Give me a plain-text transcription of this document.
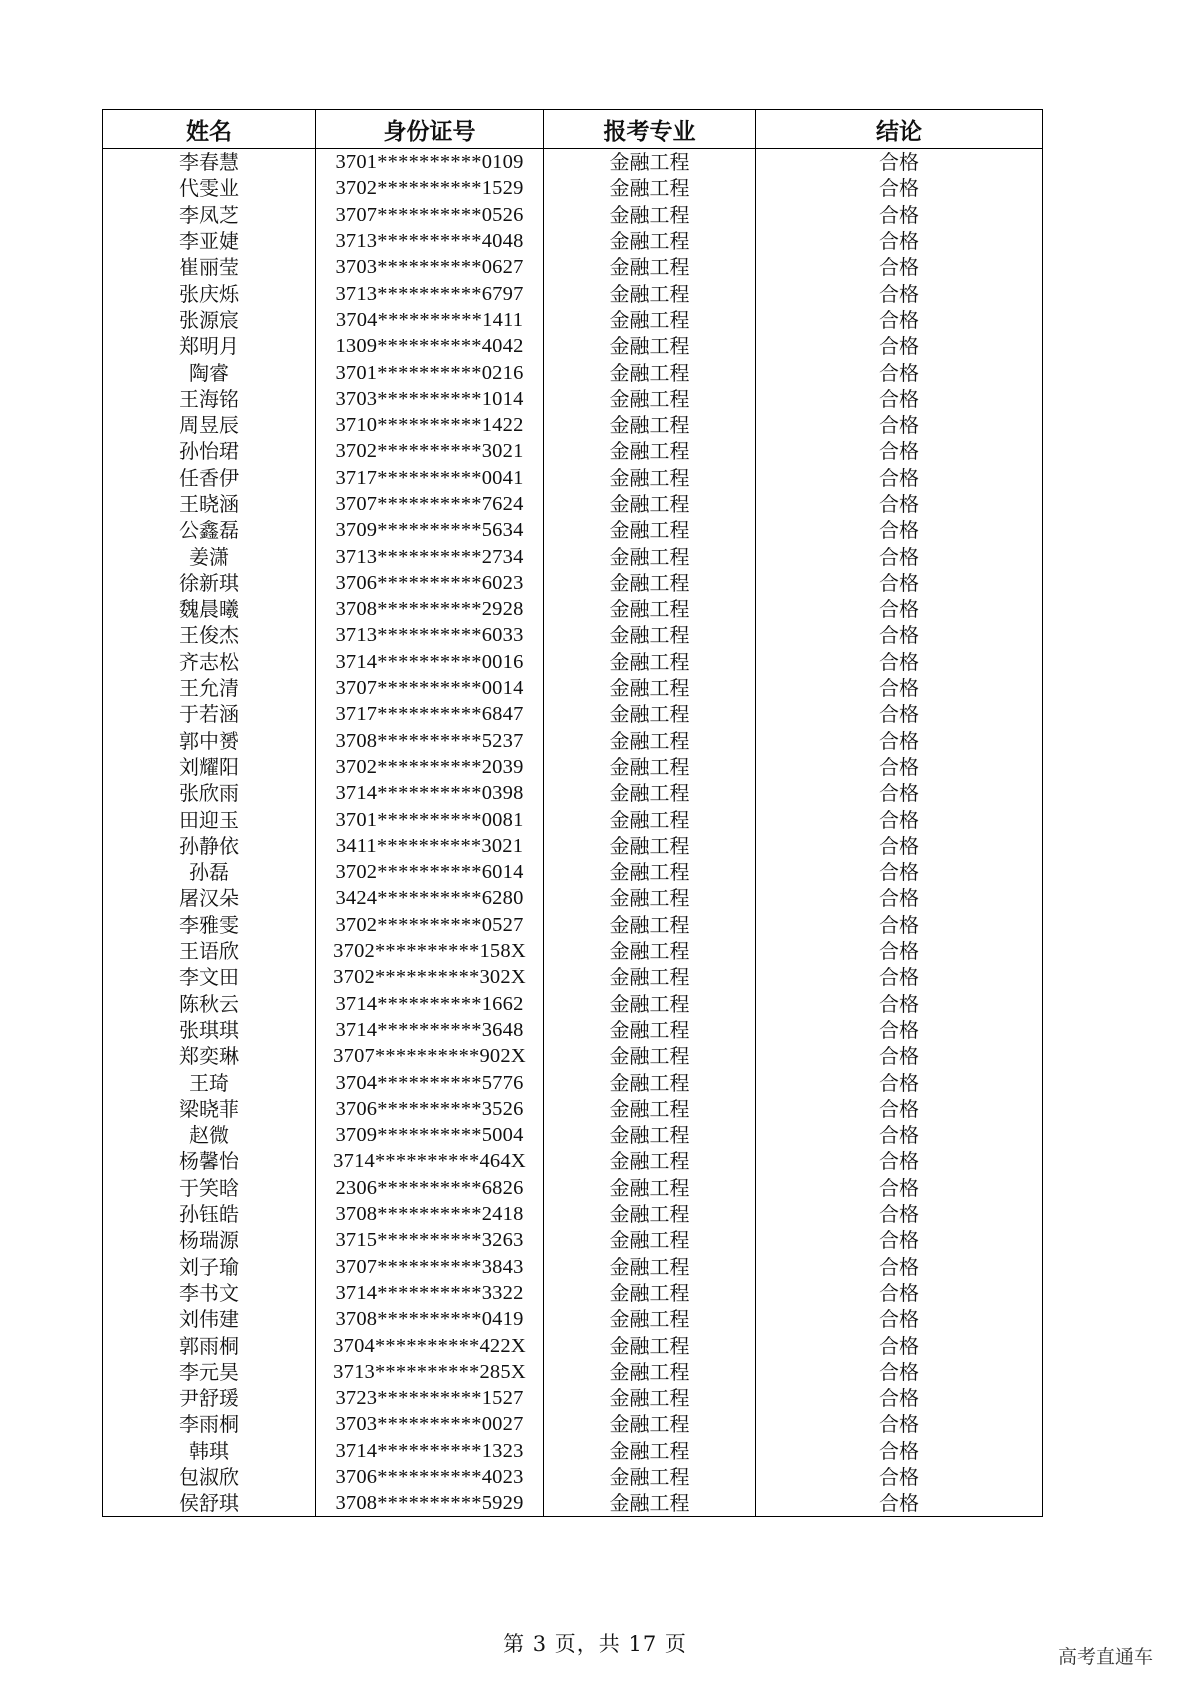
姓名	身份证号	报考专业	结论
李春慧	3701**********0109	金融工程	合格
代雯业	3702**********1529	金融工程	合格
李凤芝	3707**********0526	金融工程	合格
李亚婕	3713**********4048	金融工程	合格
崔丽莹	3703**********0627	金融工程	合格
张庆烁	3713**********6797	金融工程	合格
张源宸	3704**********1411	金融工程	合格
郑明月	1309**********4042	金融工程	合格
陶睿	3701**********0216	金融工程	合格
王海铭	3703**********1014	金融工程	合格
周昱辰	3710**********1422	金融工程	合格
孙怡珺	3702**********3021	金融工程	合格
任香伊	3717**********0041	金融工程	合格
王晓涵	3707**********7624	金融工程	合格
公鑫磊	3709**********5634	金融工程	合格
姜潇	3713**********2734	金融工程	合格
徐新琪	3706**********6023	金融工程	合格
魏晨曦	3708**********2928	金融工程	合格
王俊杰	3713**********6033	金融工程	合格
齐志松	3714**********0016	金融工程	合格
王允清	3707**********0014	金融工程	合格
于若涵	3717**********6847	金融工程	合格
郭中赟	3708**********5237	金融工程	合格
刘耀阳	3702**********2039	金融工程	合格
张欣雨	3714**********0398	金融工程	合格
田迎玉	3701**********0081	金融工程	合格
孙静依	3411**********3021	金融工程	合格
孙磊	3702**********6014	金融工程	合格
屠汉朵	3424**********6280	金融工程	合格
李雅雯	3702**********0527	金融工程	合格
王语欣	3702**********158X	金融工程	合格
李文田	3702**********302X	金融工程	合格
陈秋云	3714**********1662	金融工程	合格
张琪琪	3714**********3648	金融工程	合格
郑奕琳	3707**********902X	金融工程	合格
王琦	3704**********5776	金融工程	合格
梁晓菲	3706**********3526	金融工程	合格
赵微	3709**********5004	金融工程	合格
杨馨怡	3714**********464X	金融工程	合格
于笑晗	2306**********6826	金融工程	合格
孙钰皓	3708**********2418	金融工程	合格
杨瑞源	3715**********3263	金融工程	合格
刘子瑜	3707**********3843	金融工程	合格
李书文	3714**********3322	金融工程	合格
刘伟建	3708**********0419	金融工程	合格
郭雨桐	3704**********422X	金融工程	合格
李元昊	3713**********285X	金融工程	合格
尹舒瑗	3723**********1527	金融工程	合格
李雨桐	3703**********0027	金融工程	合格
韩琪	3714**********1323	金融工程	合格
包淑欣	3706**********4023	金融工程	合格
侯舒琪	3708**********5929	金融工程	合格
第 3 页，共 17 页
高考直通车
